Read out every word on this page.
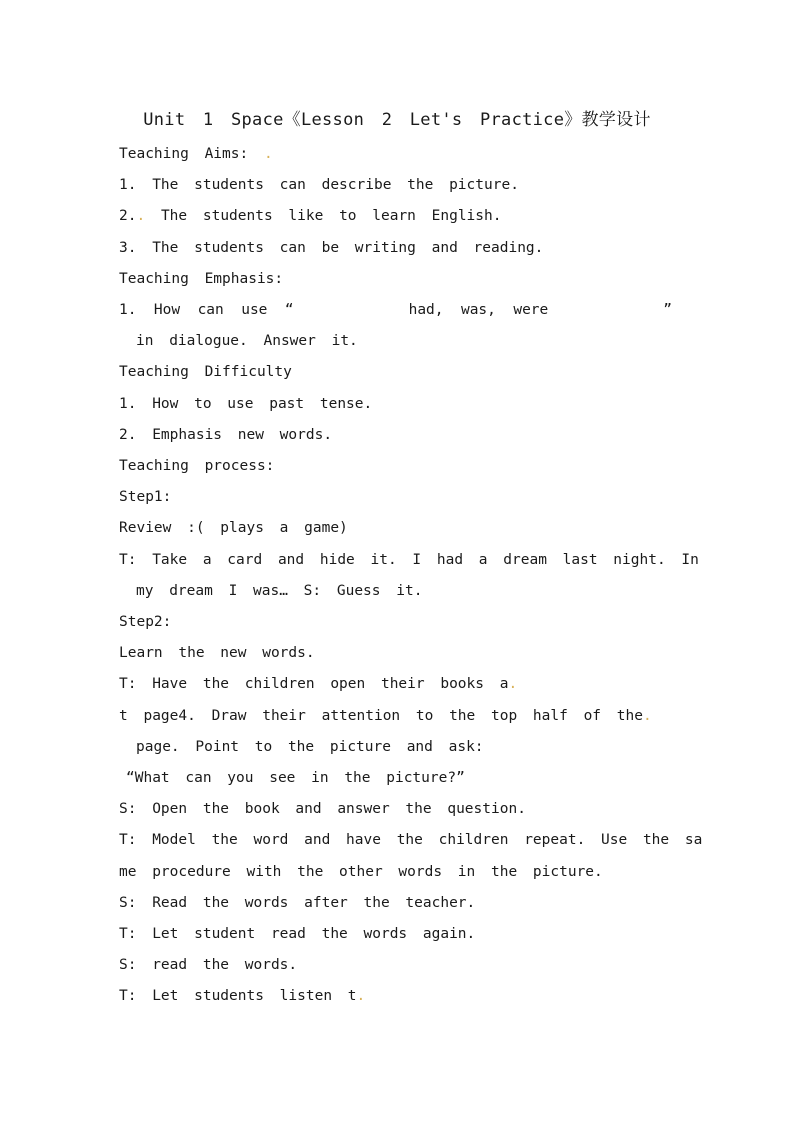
Unit 1 Space《Lesson 2 Let's Practice》教学设计
Teaching Aims: .
1. The students can describe the picture.
2.. The students like to learn English.
3. The students can be writing and reading.
Teaching Emphasis:
1.  How  can  use  “	had,  was,  were	”
in dialogue. Answer it.
Teaching Difficulty
1. How to use past tense.
2. Emphasis new words.
Teaching process:
Step1:
Review :( plays a game)
T: Take a card and hide it. I had a dream last night. In
my dream I was… S: Guess it.
Step2:
Learn the new words.
T: Have the children open their books a.
t page4. Draw their attention to the top half of the.
page. Point to the picture and ask:
“What can you see in the picture?”
S: Open the book and answer the question.
T: Model the word and have the children repeat. Use the sa
me procedure with the other words in the picture.
S: Read the words after the teacher.
T: Let student read the words again.
S: read the words.
T: Let students listen t.
